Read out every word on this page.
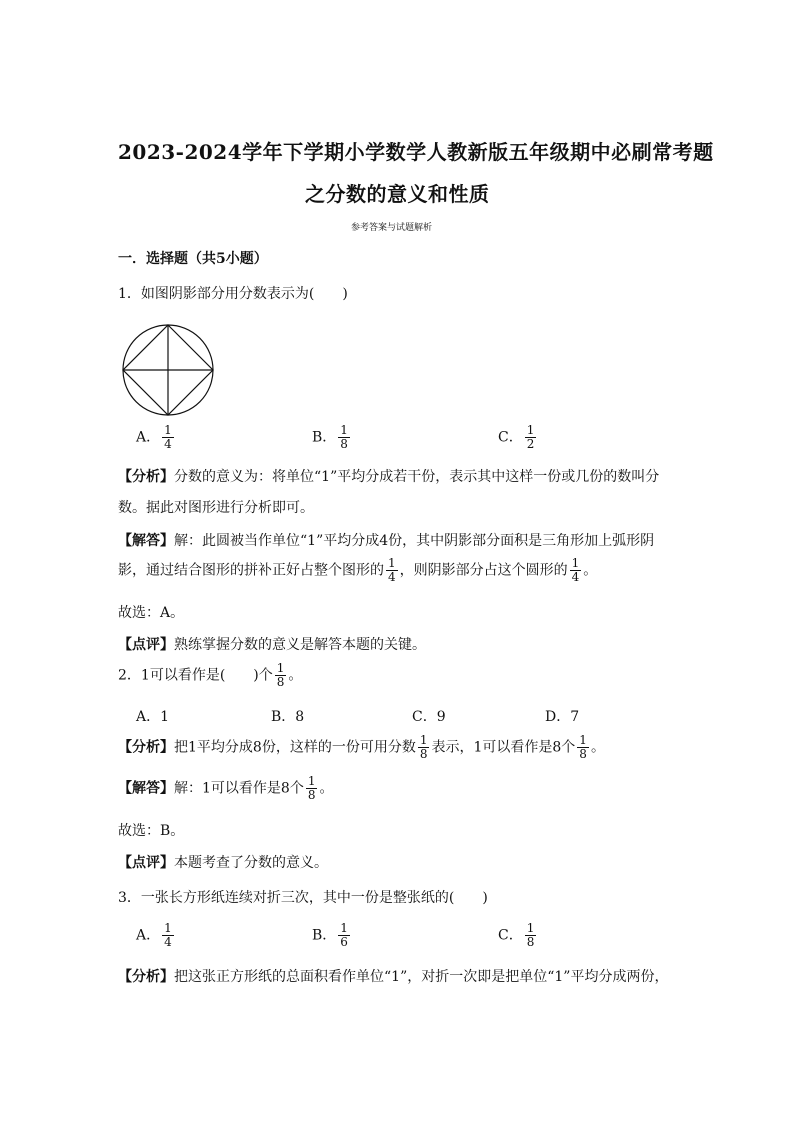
2023-2024学年下学期小学数学人教新版五年级期中必刷常考题
之分数的意义和性质
参考答案与试题解析
一．选择题（共5小题）
1．如图阴影部分用分数表示为(　　)
A． $\frac{1}{4}$	B． $\frac{1}{8}$	C． $\frac{1}{2}$
【分析】分数的意义为：将单位“1”平均分成若干份，表示其中这样一份或几份的数叫分
数。据此对图形进行分析即可。
【解答】解：此圆被当作单位“1”平均分成4份，其中阴影部分面积是三角形加上弧形阴
影，通过结合图形的拼补正好占整个图形的 $\frac{1}{4}$ ，则阴影部分占这个圆形的 $\frac{1}{4}$ 。
故选：A。
【点评】熟练掌握分数的意义是解答本题的关键。
2．1可以看作是(　　)个 $\frac{1}{8}$ 。
A．1	B．8	C．9	D．7
【分析】把1平均分成8份，这样的一份可用分数 $\frac{1}{8}$ 表示，1可以看作是8个 $\frac{1}{8}$ 。
【解答】解：1可以看作是8个 $\frac{1}{8}$ 。
故选：B。
【点评】本题考查了分数的意义。
3．一张长方形纸连续对折三次，其中一份是整张纸的(　　)
A． $\frac{1}{4}$	B． $\frac{1}{6}$	C． $\frac{1}{8}$
【分析】把这张正方形纸的总面积看作单位“1”，对折一次即是把单位“1”平均分成两份，
